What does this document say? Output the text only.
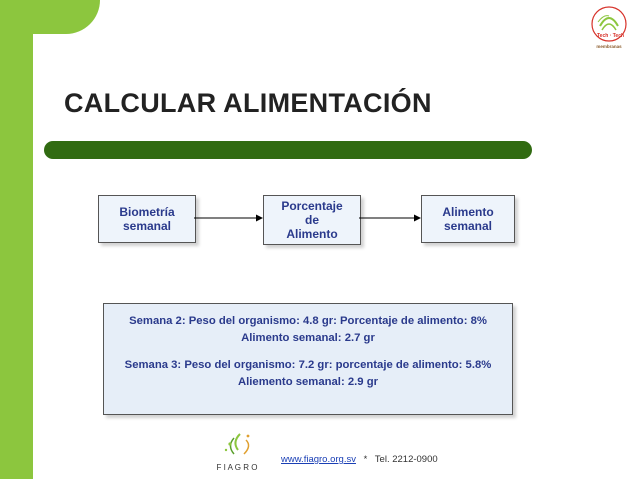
Tech · Tech
membranas
CALCULAR ALIMENTACIÓN
Biometría
semanal
Porcentaje
de
Alimento
Alimento
semanal
Semana 2: Peso del organismo: 4.8 gr: Porcentaje de alimento: 8%
Alimento semanal: 2.7 gr
Semana 3: Peso del organismo: 7.2 gr: porcentaje de alimento: 5.8%
Aliemento semanal: 2.9 gr
F I A G R O
www.fiagro.org.sv * Tel. 2212-0900
